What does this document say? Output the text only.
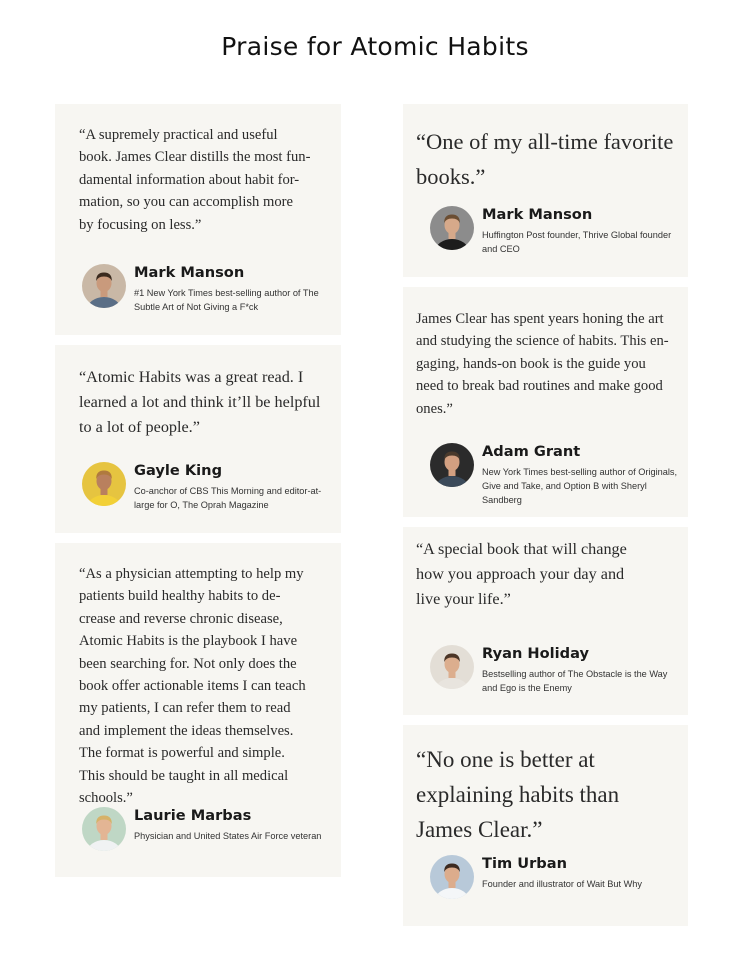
Praise for Atomic Habits

“A supremely practical and useful
book. James Clear distills the most fun-
damental information about habit for-
mation, so you can accomplish more
by focusing on less.”

Mark Manson
#1 New York Times best-selling author of The Subtle Art of Not Giving a F*ck

“Atomic Habits was a great read. I
learned a lot and think it’ll be helpful
to a lot of people.”

Gayle King
Co-anchor of CBS This Morning and editor-at-large for O, The Oprah Magazine

“As a physician attempting to help my
patients build healthy habits to de-
crease and reverse chronic disease,
Atomic Habits is the playbook I have
been searching for. Not only does the
book offer actionable items I can teach
my patients, I can refer them to read
and implement the ideas themselves.
The format is powerful and simple.
This should be taught in all medical
schools.”

Laurie Marbas
Physician and United States Air Force veteran

“One of my all-time favorite
books.”

Mark Manson
Huffington Post founder, Thrive Global founder and CEO

James Clear has spent years honing the art
and studying the science of habits. This en-
gaging, hands-on book is the guide you
need to break bad routines and make good
ones.”

Adam Grant
New York Times best-selling author of Originals, Give and Take, and Option B with Sheryl Sandberg

“A special book that will change
how you approach your day and
live your life.”

Ryan Holiday
Bestselling author of The Obstacle is the Way and Ego is the Enemy

“No one is better at
explaining habits than
James Clear.”

Tim Urban
Founder and illustrator of Wait But Why
